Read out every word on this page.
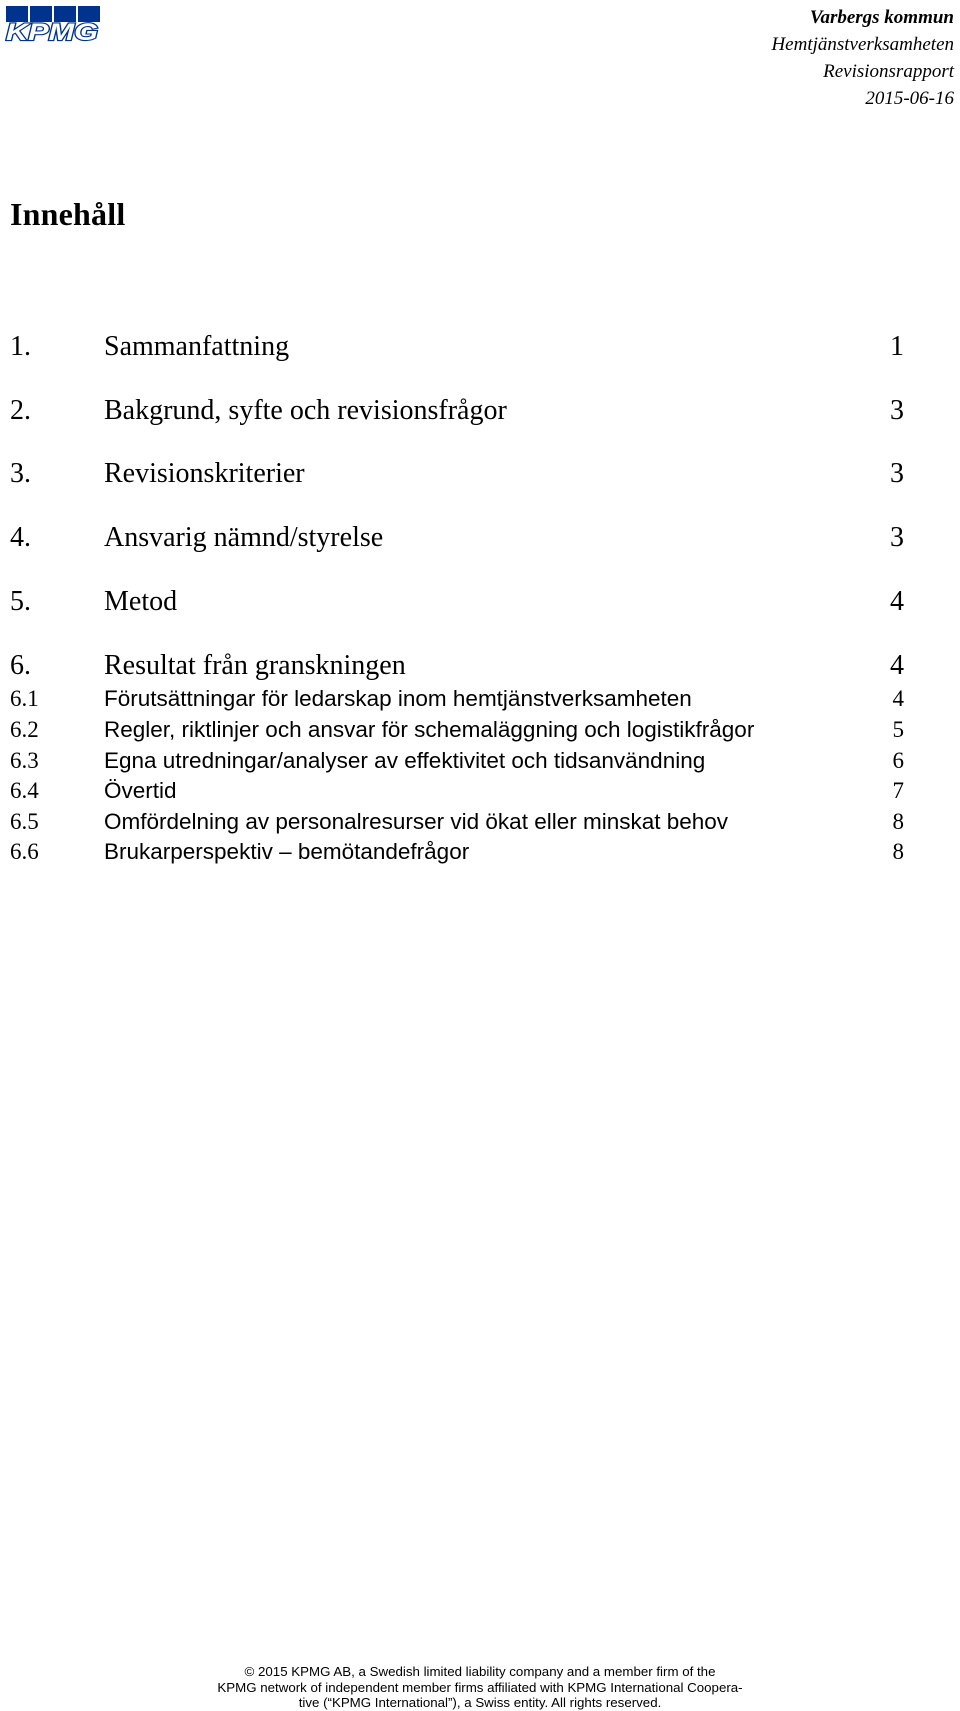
KPMG
Varbergs kommun
Hemtjänstverksamheten
Revisionsrapport
2015-06-16
Innehåll
1.	Sammanfattning	1
2.	Bakgrund, syfte och revisionsfrågor	3
3.	Revisionskriterier	3
4.	Ansvarig nämnd/styrelse	3
5.	Metod	4
6.	Resultat från granskningen	4
6.1	Förutsättningar för ledarskap inom hemtjänstverksamheten	4
6.2	Regler, riktlinjer och ansvar för schemaläggning och logistikfrågor	5
6.3	Egna utredningar/analyser av effektivitet och tidsanvändning	6
6.4	Övertid	7
6.5	Omfördelning av personalresurser vid ökat eller minskat behov	8
6.6	Brukarperspektiv – bemötandefrågor	8
© 2015 KPMG AB, a Swedish limited liability company and a member firm of the
KPMG network of independent member firms affiliated with KPMG International Coopera-
tive (“KPMG International”), a Swiss entity. All rights reserved.
